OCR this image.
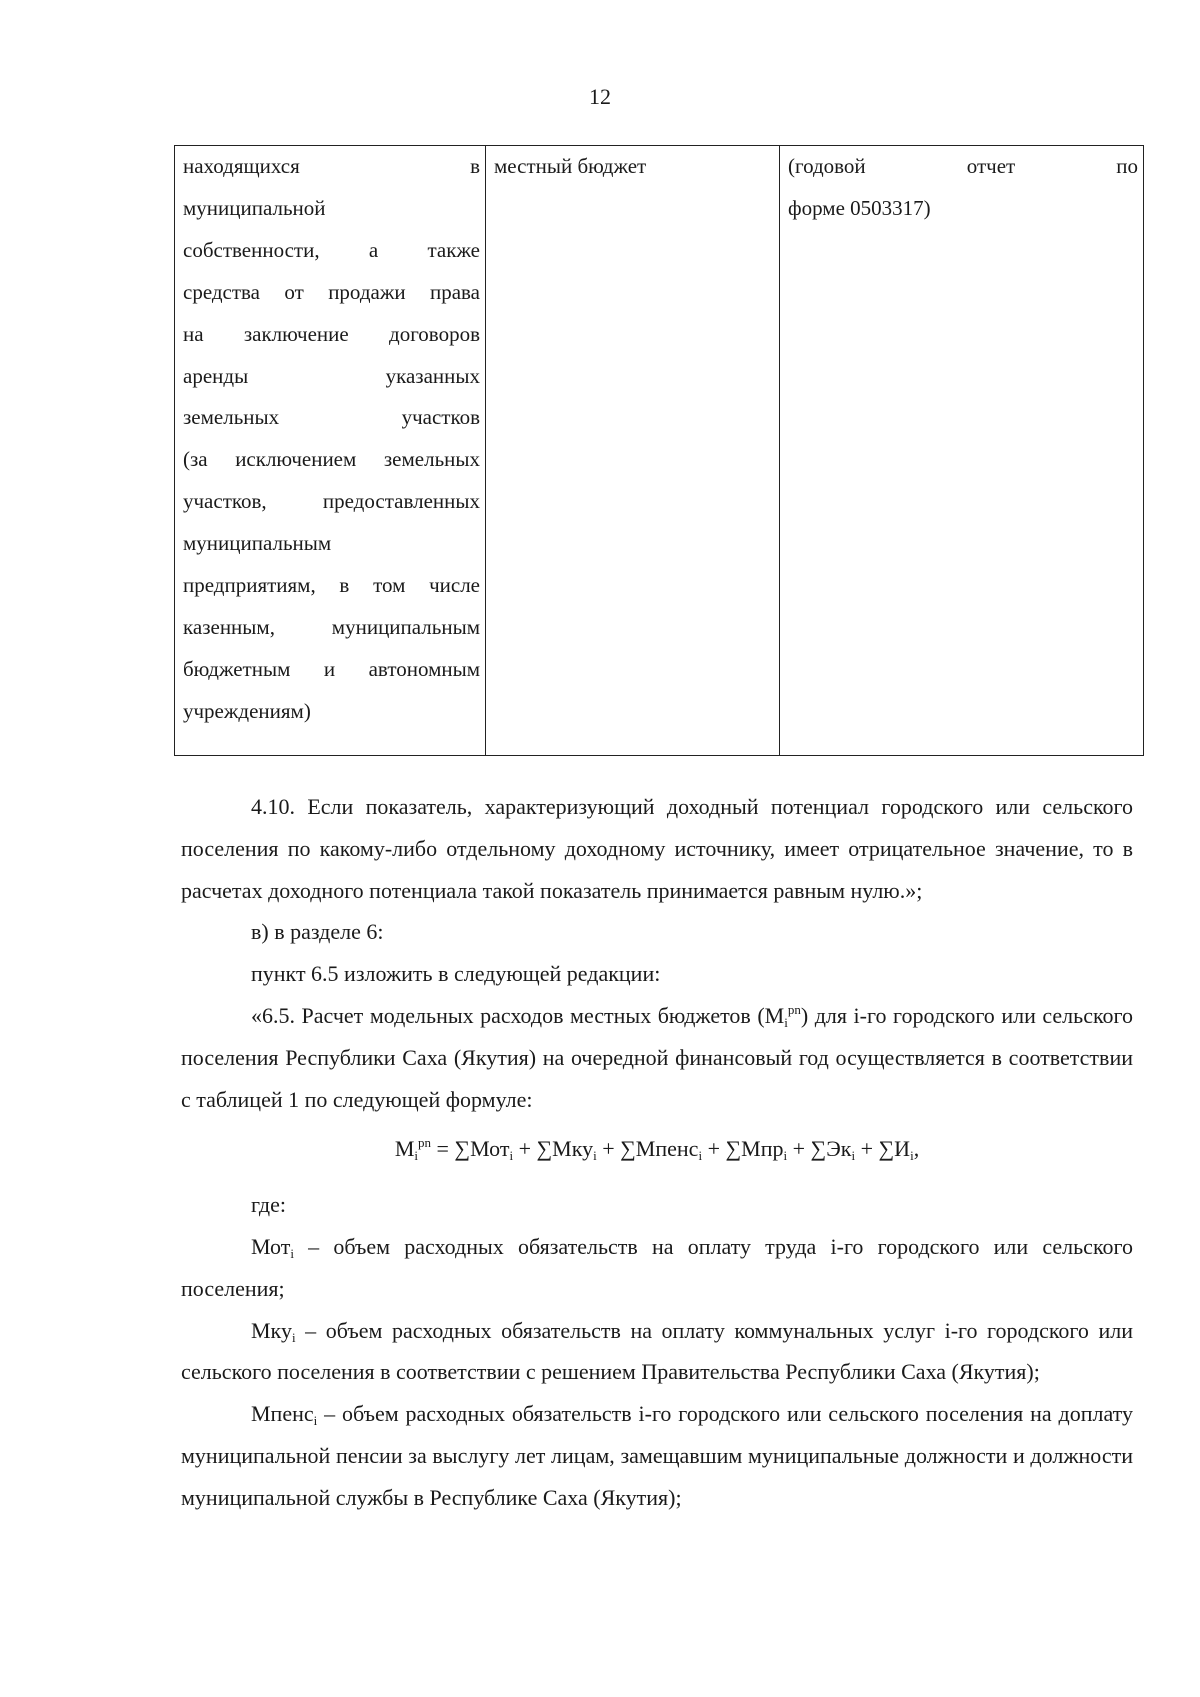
12
находящихся в
муниципальной
собственности, а также
средства от продажи права
на заключение договоров
аренды указанных
земельных участков
(за исключением земельных
участков, предоставленных
муниципальным
предприятиям, в том числе
казенным, муниципальным
бюджетным и автономным
учреждениям)

местный бюджет	(годовой отчет по
форме 0503317)

4.10. Если показатель, характеризующий доходный потенциал городского или сельского поселения по какому-либо отдельному доходному источнику, имеет отрицательное значение, то в расчетах доходного потенциала такой показатель принимается равным нулю.»;

в) в разделе 6:

пункт 6.5 изложить в следующей редакции:

«6.5. Расчет модельных расходов местных бюджетов $(M_i^{pn})$ для i-го городского или сельского поселения Республики Саха (Якутия) на очередной финансовый год осуществляется в соответствии с таблицей 1 по следующей формуле:

$M_i^{pn} = \sum Мот_i + \sum Мку_i$ + ∑Мпенс$_i$ + $\sum Мпр_i + \sum Эк_i + \sum И_i$,

где:

Мот$_i$ – объем расходных обязательств на оплату труда i-го городского или сельского поселения;

Мку$_i$ – объем расходных обязательств на оплату коммунальных услуг i-го городского или сельского поселения в соответствии с решением Правительства Республики Саха (Якутия);

Мпенс$_i$ – объем расходных обязательств i-го городского или сельского поселения на доплату муниципальной пенсии за выслугу лет лицам, замещавшим муниципальные должности и должности муниципальной службы в Республике Саха (Якутия);
